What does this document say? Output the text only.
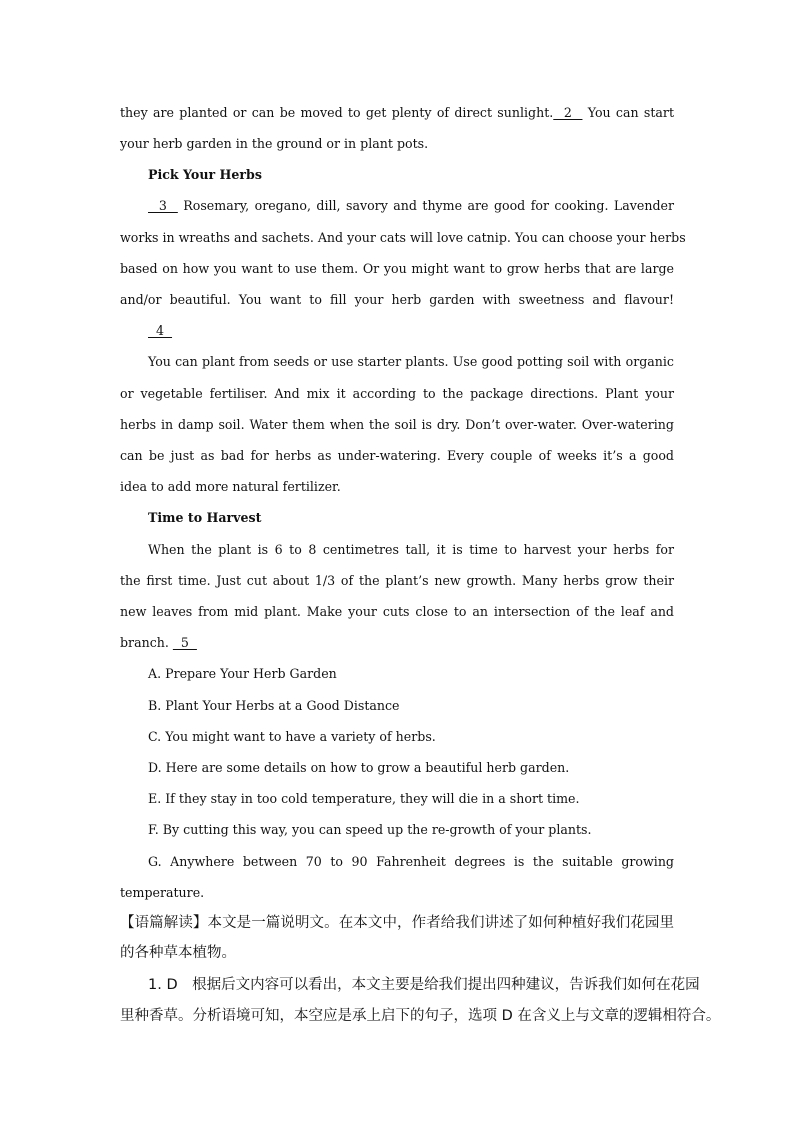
they are planted or can be moved to get plenty of direct sunlight.  2   You can start
your herb garden in the ground or in plant pots.
Pick Your Herbs
3   Rosemary, oregano, dill, savory and thyme are good for cooking. Lavender
works in wreaths and sachets. And your cats will love catnip. You can choose your herbs
based on how you want to use them. Or you might want to grow herbs that are large
and/or beautiful. You want to fill your herb garden with sweetness and flavour!
4
You can plant from seeds or use starter plants. Use good potting soil with organic
or vegetable fertiliser. And mix it according to the package directions. Plant your
herbs in damp soil. Water them when the soil is dry. Don’t over-water. Over-watering
can be just as bad for herbs as under-watering. Every couple of weeks it’s a good
idea to add more natural fertilizer.
Time to Harvest
When the plant is 6 to 8 centimetres tall, it is time to harvest your herbs for
the first time. Just cut about 1/3 of the plant’s new growth. Many herbs grow their
new leaves from mid plant. Make your cuts close to an intersection of the leaf and
branch.   5
A. Prepare Your Herb Garden
B. Plant Your Herbs at a Good Distance
C. You might want to have a variety of herbs.
D. Here are some details on how to grow a beautiful herb garden.
E. If they stay in too cold temperature, they will die in a short time.
F. By cutting this way, you can speed up the re-growth of your plants.
G. Anywhere between 70 to 90 Fahrenheit degrees is the suitable growing
temperature.
【语篇解读】本文是一篇说明文。在本文中，作者给我们讲述了如何种植好我们花园里
的各种草本植物。
1. D　根据后文内容可以看出，本文主要是给我们提出四种建议，告诉我们如何在花园
里种香草。分析语境可知，本空应是承上启下的句子，选项 D 在含义上与文章的逻辑相符合。
